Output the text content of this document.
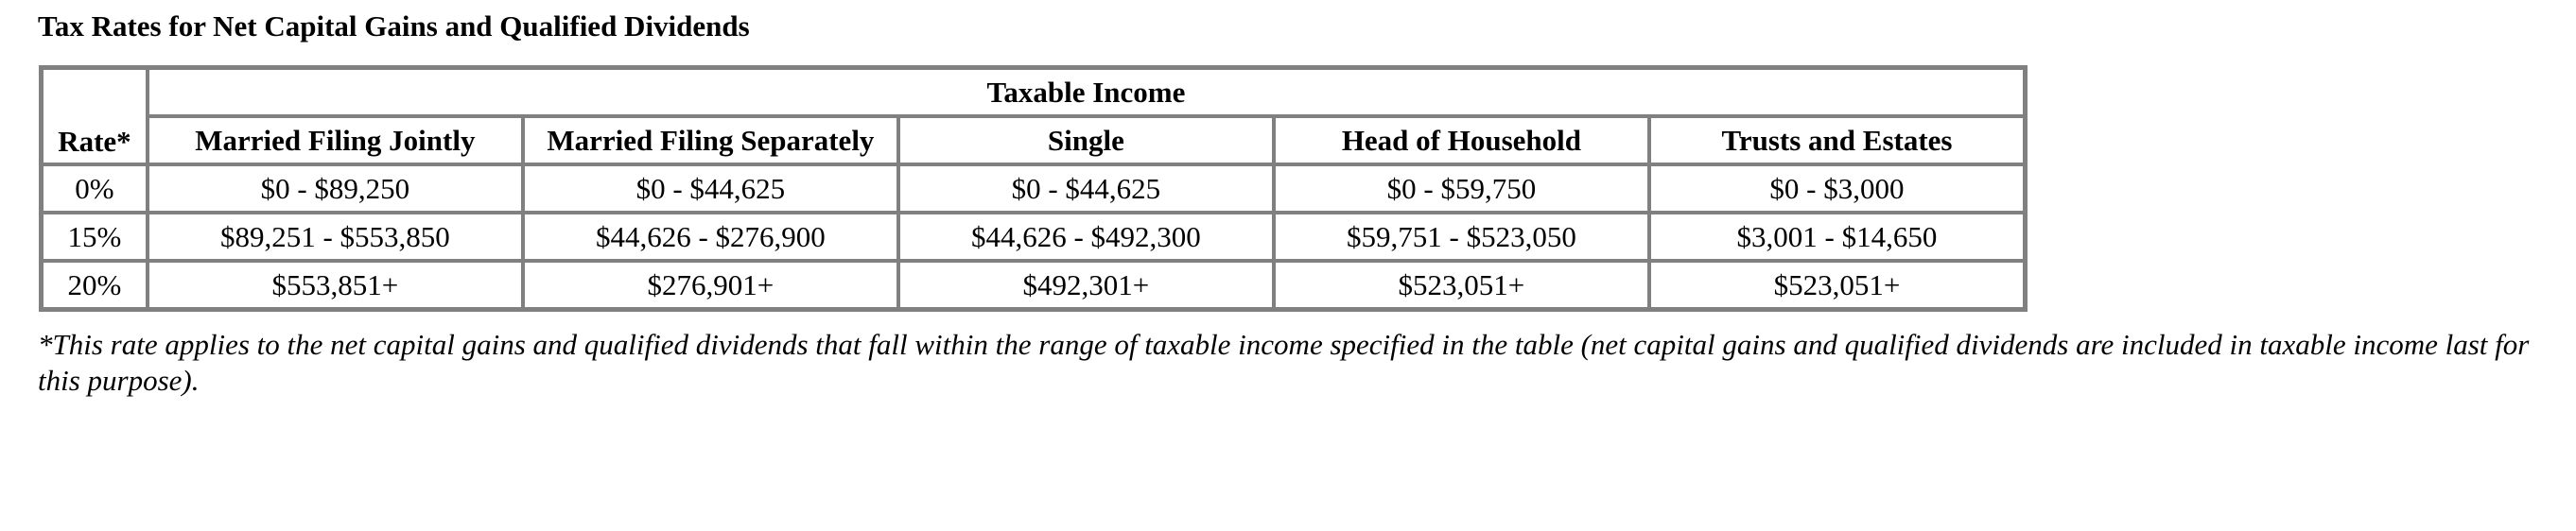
Tax Rates for Net Capital Gains and Qualified Dividends
Rate*	Taxable Income				
	Married Filing Jointly	Married Filing Separately	Single	Head of Household	Trusts and Estates
0%	$0 - $89,250	$0 - $44,625	$0 - $44,625	$0 - $59,750	$0 - $3,000
15%	$89,251 - $553,850	$44,626 - $276,900	$44,626 - $492,300	$59,751 - $523,050	$3,001 - $14,650
20%	$553,851+	$276,901+	$492,301+	$523,051+	$523,051+

*This rate applies to the net capital gains and qualified dividends that fall within the range of taxable income specified in the table (net capital gains and qualified dividends are included in taxable income last for this purpose).
